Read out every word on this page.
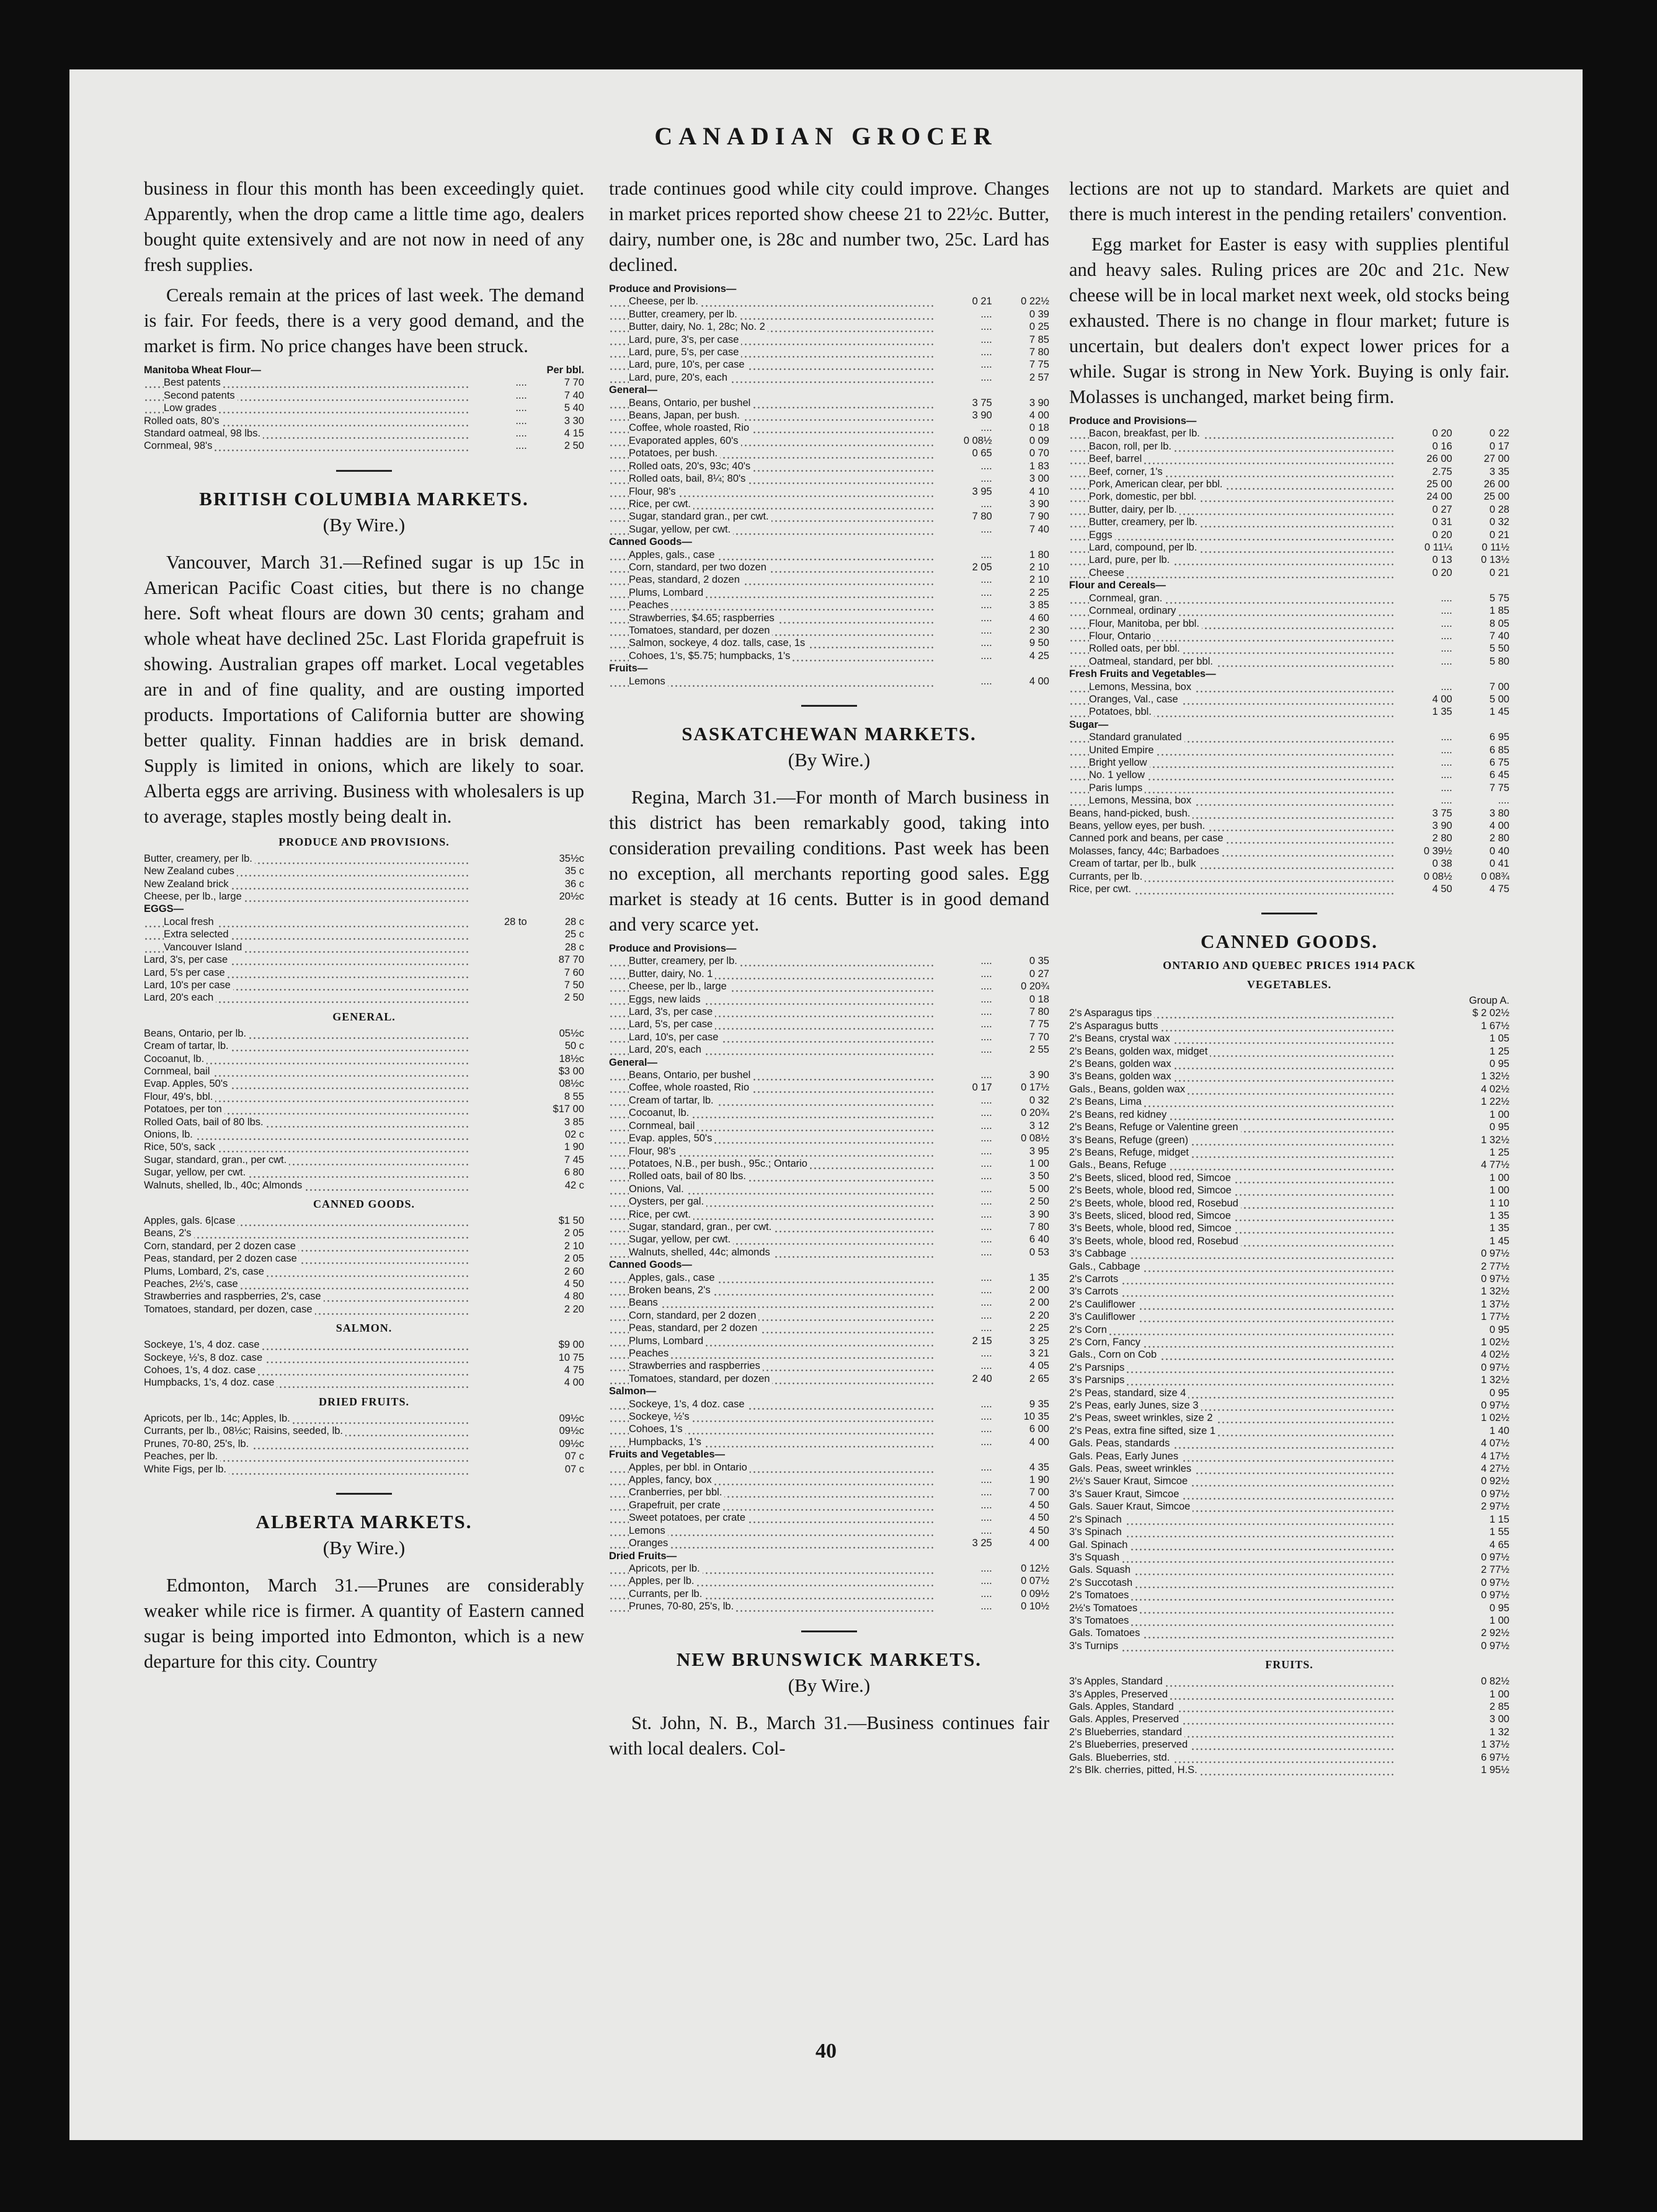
CANADIAN GROCER

business in flour this month has been exceedingly quiet. Apparently, when the drop came a little time ago, dealers bought quite extensively and are not now in need of any fresh supplies.

Cereals remain at the prices of last week. The demand is fair. For feeds, there is a very good demand, and the market is firm. No price changes have been struck.

Manitoba Wheat Flour—		Per bbl.
Best patents	....	7 70
Second patents	....	7 40
Low grades	....	5 40
Rolled oats, 80's	....	3 30
Standard oatmeal, 98 lbs.	....	4 15
Cornmeal, 98's	....	2 50
BRITISH COLUMBIA MARKETS.
(By Wire.)

Vancouver, March 31.—Refined sugar is up 15c in American Pacific Coast cities, but there is no change here. Soft wheat flours are down 30 cents; graham and whole wheat have declined 25c. Last Florida grapefruit is showing. Australian grapes off market. Local vegetables are in and of fine quality, and are ousting imported products. Importations of California butter are showing better quality. Finnan haddies are in brisk demand. Supply is limited in onions, which are likely to soar. Alberta eggs are arriving. Business with wholesalers is up to average, staples mostly being dealt in.

PRODUCE AND PROVISIONS.
Butter, creamery, per lb.		35½c
New Zealand cubes		35 c
New Zealand brick		36 c
Cheese, per lb., large		20½c
EGGS—		
Local fresh	28 to	28 c
Extra selected		25 c
Vancouver Island		28 c
Lard, 3's, per case		87 70
Lard, 5's per case		7 60
Lard, 10's per case		7 50
Lard, 20's each		2 50
GENERAL.
Beans, Ontario, per lb.		05½c
Cream of tartar, lb.		50 c
Cocoanut, lb.		18½c
Cornmeal, bail		$3 00
Evap. Apples, 50's		08½c
Flour, 49's, bbl.		8 55
Potatoes, per ton		$17 00
Rolled Oats, bail of 80 lbs.		3 85
Onions, lb.		02 c
Rice, 50's, sack		1 90
Sugar, standard, gran., per cwt.		7 45
Sugar, yellow, per cwt.		6 80
Walnuts, shelled, lb., 40c; Almonds		42 c
CANNED GOODS.
Apples, gals. 6|case		$1 50
Beans, 2's		2 05
Corn, standard, per 2 dozen case		2 10
Peas, standard, per 2 dozen case		2 05
Plums, Lombard, 2's, case		2 60
Peaches, 2½'s, case		4 50
Strawberries and raspberries, 2's, case		4 80
Tomatoes, standard, per dozen, case		2 20
SALMON.
Sockeye, 1's, 4 doz. case		$9 00
Sockeye, ½'s, 8 doz. case		10 75
Cohoes, 1's, 4 doz. case		4 75
Humpbacks, 1's, 4 doz. case		4 00
DRIED FRUITS.
Apricots, per lb., 14c; Apples, lb.		09½c
Currants, per lb., 08½c; Raisins, seeded, lb.		09½c
Prunes, 70-80, 25's, lb.		09½c
Peaches, per lb.		07 c
White Figs, per lb.		07 c
ALBERTA MARKETS.
(By Wire.)

Edmonton, March 31.—Prunes are considerably weaker while rice is firmer. A quantity of Eastern canned sugar is being imported into Edmonton, which is a new departure for this city. Country

trade continues good while city could improve. Changes in market prices reported show cheese 21 to 22½c. Butter, dairy, number one, is 28c and number two, 25c. Lard has declined.

Produce and Provisions—		
Cheese, per lb.	0 21	0 22½
Butter, creamery, per lb.	....	0 39
Butter, dairy, No. 1, 28c; No. 2	....	0 25
Lard, pure, 3's, per case	....	7 85
Lard, pure, 5's, per case	....	7 80
Lard, pure, 10's, per case	....	7 75
Lard, pure, 20's, each	....	2 57
General—		
Beans, Ontario, per bushel	3 75	3 90
Beans, Japan, per bush.	3 90	4 00
Coffee, whole roasted, Rio	....	0 18
Evaporated apples, 60's	0 08½	0 09
Potatoes, per bush.	0 65	0 70
Rolled oats, 20's, 93c; 40's	....	1 83
Rolled oats, bail, 8¼; 80's	....	3 00
Flour, 98's	3 95	4 10
Rice, per cwt.	....	3 90
Sugar, standard gran., per cwt.	7 80	7 90
Sugar, yellow, per cwt.	....	7 40
Canned Goods—		
Apples, gals., case	....	1 80
Corn, standard, per two dozen	2 05	2 10
Peas, standard, 2 dozen	....	2 10
Plums, Lombard	....	2 25
Peaches	....	3 85
Strawberries, $4.65; raspberries	....	4 60
Tomatoes, standard, per dozen	....	2 30
Salmon, sockeye, 4 doz. talls, case, 1s	....	9 50
Cohoes, 1's, $5.75; humpbacks, 1's	....	4 25
Fruits—		
Lemons	....	4 00
SASKATCHEWAN MARKETS.
(By Wire.)

Regina, March 31.—For month of March business in this district has been remarkably good, taking into consideration prevailing conditions. Past week has been no exception, all merchants reporting good sales. Egg market is steady at 16 cents. Butter is in good demand and very scarce yet.

Produce and Provisions—		
Butter, creamery, per lb.	....	0 35
Butter, dairy, No. 1	....	0 27
Cheese, per lb., large	....	0 20¾
Eggs, new laids	....	0 18
Lard, 3's, per case	....	7 80
Lard, 5's, per case	....	7 75
Lard, 10's, per case	....	7 70
Lard, 20's, each	....	2 55
General—		
Beans, Ontario, per bushel	....	3 90
Coffee, whole roasted, Rio	0 17	0 17½
Cream of tartar, lb.	....	0 32
Cocoanut, lb.	....	0 20¾
Cornmeal, bail	....	3 12
Evap. apples, 50's	....	0 08½
Flour, 98's	....	3 95
Potatoes, N.B., per bush., 95c.; Ontario	....	1 00
Rolled oats, bail of 80 lbs.	....	3 50
Onions, Val.	....	5 00
Oysters, per gal.	....	2 50
Rice, per cwt.	....	3 90
Sugar, standard, gran., per cwt.	....	7 80
Sugar, yellow, per cwt.	....	6 40
Walnuts, shelled, 44c; almonds	....	0 53
Canned Goods—		
Apples, gals., case	....	1 35
Broken beans, 2's	....	2 00
Beans	....	2 00
Corn, standard, per 2 dozen	....	2 20
Peas, standard, per 2 dozen	....	2 25
Plums, Lombard	2 15	3 25
Peaches	....	3 21
Strawberries and raspberries	....	4 05
Tomatoes, standard, per dozen	2 40	2 65
Salmon—		
Sockeye, 1's, 4 doz. case	....	9 35
Sockeye, ½'s	....	10 35
Cohoes, 1's	....	6 00
Humpbacks, 1's	....	4 00
Fruits and Vegetables—		
Apples, per bbl. in Ontario	....	4 35
Apples, fancy, box	....	1 90
Cranberries, per bbl.	....	7 00
Grapefruit, per crate	....	4 50
Sweet potatoes, per crate	....	4 50
Lemons	....	4 50
Oranges	3 25	4 00
Dried Fruits—		
Apricots, per lb.	....	0 12½
Apples, per lb.	....	0 07½
Currants, per lb.	....	0 09½
Prunes, 70-80, 25's, lb.	....	0 10½
NEW BRUNSWICK MARKETS.
(By Wire.)

St. John, N. B., March 31.—Business continues fair with local dealers. Col-

lections are not up to standard. Markets are quiet and there is much interest in the pending retailers' convention.

Egg market for Easter is easy with supplies plentiful and heavy sales. Ruling prices are 20c and 21c. New cheese will be in local market next week, old stocks being exhausted. There is no change in flour market; future is uncertain, but dealers don't expect lower prices for a while. Sugar is strong in New York. Buying is only fair. Molasses is unchanged, market being firm.

Produce and Provisions—		
Bacon, breakfast, per lb.	0 20	0 22
Bacon, roll, per lb.	0 16	0 17
Beef, barrel	26 00	27 00
Beef, corner, 1's	2.75	3 35
Pork, American clear, per bbl.	25 00	26 00
Pork, domestic, per bbl.	24 00	25 00
Butter, dairy, per lb.	0 27	0 28
Butter, creamery, per lb.	0 31	0 32
Eggs	0 20	0 21
Lard, compound, per lb.	0 11¼	0 11½
Lard, pure, per lb.	0 13	0 13½
Cheese	0 20	0 21
Flour and Cereals—		
Cornmeal, gran.	....	5 75
Cornmeal, ordinary	....	1 85
Flour, Manitoba, per bbl.	....	8 05
Flour, Ontario	....	7 40
Rolled oats, per bbl.	....	5 50
Oatmeal, standard, per bbl.	....	5 80
Fresh Fruits and Vegetables—		
Lemons, Messina, box	....	7 00
Oranges, Val., case	4 00	5 00
Potatoes, bbl.	1 35	1 45
Sugar—		
Standard granulated	....	6 95
United Empire	....	6 85
Bright yellow	....	6 75
No. 1 yellow	....	6 45
Paris lumps	....	7 75
Lemons, Messina, box	....	....
Beans, hand-picked, bush.	3 75	3 80
Beans, yellow eyes, per bush.	3 90	4 00
Canned pork and beans, per case	2 80	2 80
Molasses, fancy, 44c; Barbadoes	0 39½	0 40
Cream of tartar, per lb., bulk	0 38	0 41
Currants, per lb.	0 08½	0 08¾
Rice, per cwt.	4 50	4 75
CANNED GOODS.
ONTARIO AND QUEBEC PRICES 1914 PACK
VEGETABLES.
Group A.
2's Asparagus tips		$ 2 02½
2's Asparagus butts		1 67½
2's Beans, crystal wax		1 05
2's Beans, golden wax, midget		1 25
2's Beans, golden wax		0 95
3's Beans, golden wax		1 32½
Gals., Beans, golden wax		4 02½
2's Beans, Lima		1 22½
2's Beans, red kidney		1 00
2's Beans, Refuge or Valentine green		0 95
3's Beans, Refuge (green)		1 32½
2's Beans, Refuge, midget		1 25
Gals., Beans, Refuge		4 77½
2's Beets, sliced, blood red, Simcoe		1 00
2's Beets, whole, blood red, Simcoe		1 00
2's Beets, whole, blood red, Rosebud		1 10
3's Beets, sliced, blood red, Simcoe		1 35
3's Beets, whole, blood red, Simcoe		1 35
3's Beets, whole, blood red, Rosebud		1 45
3's Cabbage		0 97½
Gals., Cabbage		2 77½
2's Carrots		0 97½
3's Carrots		1 32½
2's Cauliflower		1 37½
3's Cauliflower		1 77½
2's Corn		0 95
2's Corn, Fancy		1 02½
Gals., Corn on Cob		4 02½
2's Parsnips		0 97½
3's Parsnips		1 32½
2's Peas, standard, size 4		0 95
2's Peas, early Junes, size 3		0 97½
2's Peas, sweet wrinkles, size 2		1 02½
2's Peas, extra fine sifted, size 1		1 40
Gals. Peas, standards		4 07½
Gals. Peas, Early Junes		4 17½
Gals. Peas, sweet wrinkles		4 27½
2½'s Sauer Kraut, Simcoe		0 92½
3's Sauer Kraut, Simcoe		0 97½
Gals. Sauer Kraut, Simcoe		2 97½
2's Spinach		1 15
3's Spinach		1 55
Gal. Spinach		4 65
3's Squash		0 97½
Gals. Squash		2 77½
2's Succotash		0 97½
2's Tomatoes		0 97½
2½'s Tomatoes		0 95
3's Tomatoes		1 00
Gals. Tomatoes		2 92½
3's Turnips		0 97½
FRUITS.
3's Apples, Standard		0 82½
3's Apples, Preserved		1 00
Gals. Apples, Standard		2 85
Gals. Apples, Preserved		3 00
2's Blueberries, standard		1 32
2's Blueberries, preserved		1 37½
Gals. Blueberries, std.		6 97½
2's Blk. cherries, pitted, H.S.		1 95½
40
